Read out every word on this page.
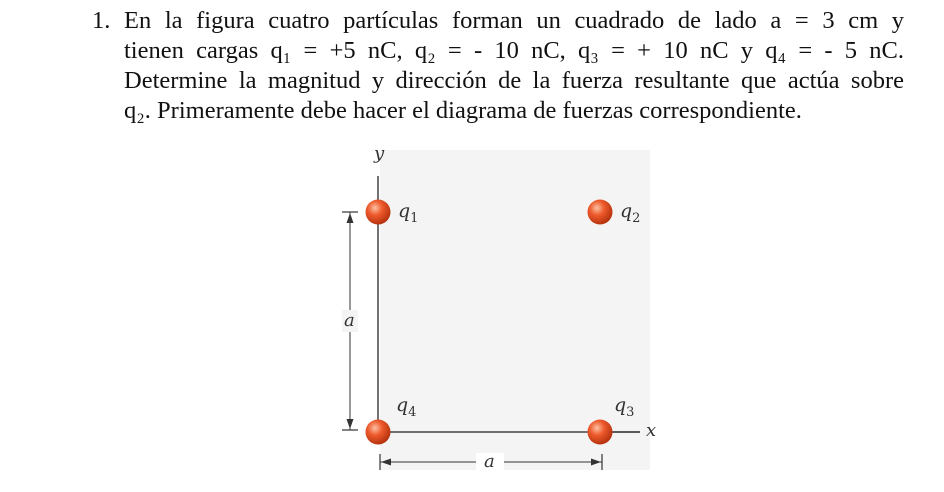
1. En la figura cuatro partículas forman un cuadrado de lado a = 3 cm y
tienen cargas q₁ = +5 nC, q₂ = - 10 nC, q₃ = + 10 nC y q₄ = - 5 nC.
Determine la magnitud y dirección de la fuerza resultante que actúa sobre
q₂. Primeramente debe hacer el diagrama de fuerzas correspondiente.
y
x
$q_1$	$q_2$
$q_3$
$q_4$
a
a
